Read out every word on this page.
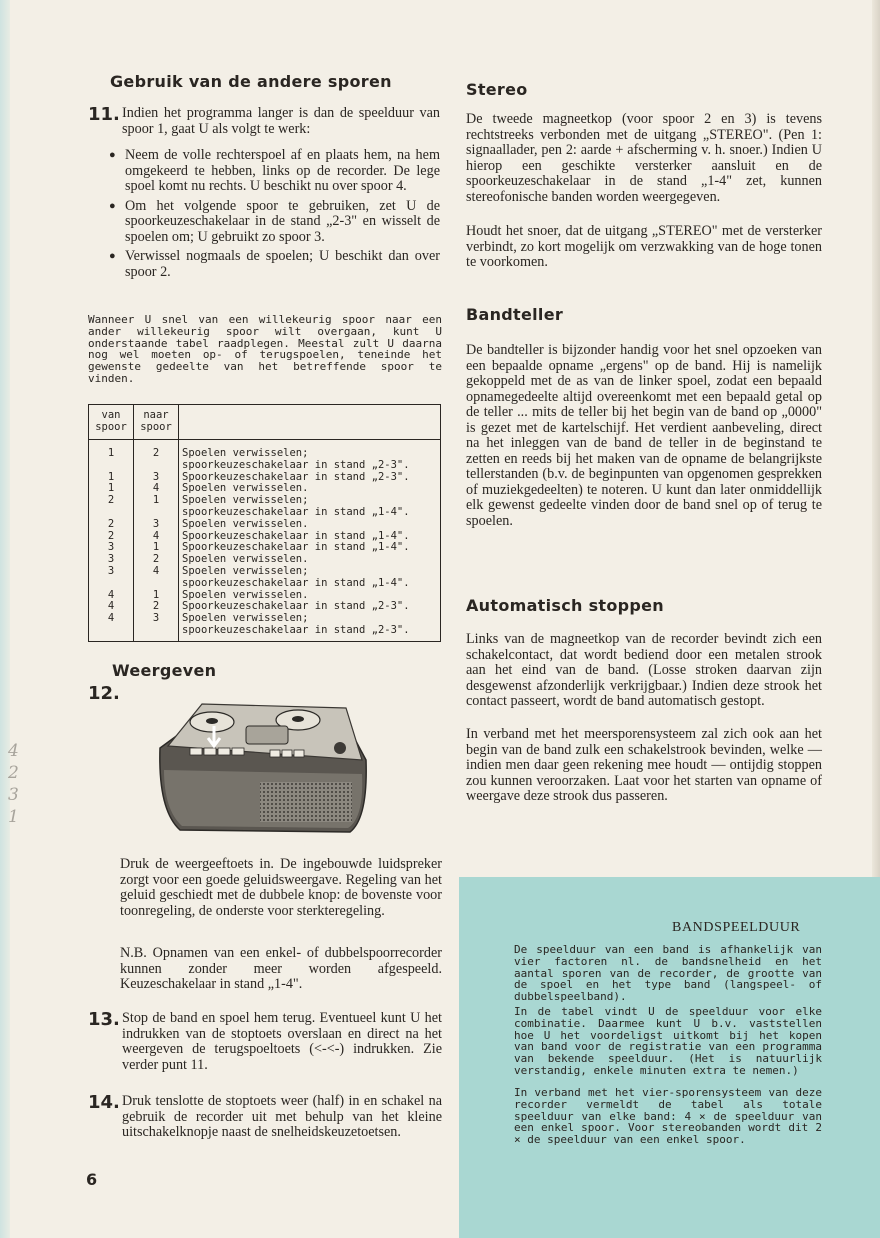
Gebruik van de andere sporen
11. Indien het programma langer is dan de speelduur van spoor 1, gaat U als volgt te werk:
● Neem de volle rechterspoel af en plaats hem, na hem omgekeerd te hebben, links op de recorder. De lege spoel komt nu rechts. U beschikt nu over spoor 4.
● Om het volgende spoor te gebruiken, zet U de spoorkeuzeschakelaar in de stand „2-3" en wisselt de spoelen om; U gebruikt zo spoor 3.
● Verwissel nogmaals de spoelen; U beschikt dan over spoor 2.
Wanneer U snel van een willekeurig spoor naar een ander willekeurig spoor wilt overgaan, kunt U onderstaande tabel raadplegen. Meestal zult U daarna nog wel moeten op- of terugspoelen, teneinde het gewenste gedeelte van het betreffende spoor te vinden.
van
spoor	naar
spoor	
1	2	Spoelen verwisselen;
spoorkeuzeschakelaar in stand „2-3".

1	3	Spoorkeuzeschakelaar in stand „2-3".

1	4	Spoelen verwisselen.

2	1	Spoelen verwisselen;
spoorkeuzeschakelaar in stand „1-4".

2	3	Spoelen verwisselen.

2	4	Spoorkeuzeschakelaar in stand „1-4".

3	1	Spoorkeuzeschakelaar in stand „1-4".

3	2	Spoelen verwisselen.

3	4	Spoelen verwisselen;
spoorkeuzeschakelaar in stand „1-4".

4	1	Spoelen verwisselen.

4	2	Spoorkeuzeschakelaar in stand „2-3".

4	3	Spoelen verwisselen;
spoorkeuzeschakelaar in stand „2-3".
Weergeven
12.
4
2
3
1
Druk de weergeeftoets in. De ingebouwde luidspreker zorgt voor een goede geluidsweergave. Regeling van het geluid geschiedt met de dubbele knop: de bovenste voor toonregeling, de onderste voor sterkteregeling.
N.B. Opnamen van een enkel- of dubbelspoorrecorder kunnen zonder meer worden afgespeeld. Keuzeschakelaar in stand „1-4".
13. Stop de band en spoel hem terug. Eventueel kunt U het indrukken van de stoptoets overslaan en direct na het weergeven de terugspoeltoets (<-<-) indrukken. Zie verder punt 11.
14. Druk tenslotte de stoptoets weer (half) in en schakel na gebruik de recorder uit met behulp van het kleine uitschakelknopje naast de snelheidskeuzetoetsen.
6
Stereo
De tweede magneetkop (voor spoor 2 en 3) is tevens rechtstreeks verbonden met de uitgang „STEREO". (Pen 1: signaallader, pen 2: aarde + afscherming v. h. snoer.) Indien U hierop een geschikte versterker aansluit en de spoorkeuzeschakelaar in de stand „1-4" zet, kunnen stereofonische banden worden weergegeven.
Houdt het snoer, dat de uitgang „STEREO" met de versterker verbindt, zo kort mogelijk om verzwakking van de hoge tonen te voorkomen.
Bandteller
De bandteller is bijzonder handig voor het snel opzoeken van een bepaalde opname „ergens" op de band. Hij is namelijk gekoppeld met de as van de linker spoel, zodat een bepaald opnamegedeelte altijd overeenkomt met een bepaald getal op de teller ... mits de teller bij het begin van de band op „0000" is gezet met de kartelschijf. Het verdient aanbeveling, direct na het inleggen van de band de teller in de beginstand te zetten en reeds bij het maken van de opname de belangrijkste tellerstanden (b.v. de beginpunten van opgenomen gesprekken of muziekgedeelten) te noteren. U kunt dan later onmiddellijk elk gewenst gedeelte vinden door de band snel op of terug te spoelen.
Automatisch stoppen
Links van de magneetkop van de recorder bevindt zich een schakelcontact, dat wordt bediend door een metalen strook aan het eind van de band. (Losse stroken daarvan zijn desgewenst afzonderlijk verkrijgbaar.) Indien deze strook het contact passeert, wordt de band automatisch gestopt.
In verband met het meersporensysteem zal zich ook aan het begin van de band zulk een schakelstrook bevinden, welke — indien men daar geen rekening mee houdt — ontijdig stoppen zou kunnen veroorzaken. Laat voor het starten van opname of weergave deze strook dus passeren.
BANDSPEELDUUR
De speelduur van een band is afhankelijk van vier factoren nl. de bandsnelheid en het aantal sporen van de recorder, de grootte van de spoel en het type band (langspeel- of dubbelspeelband).
In de tabel vindt U de speelduur voor elke combinatie. Daarmee kunt U b.v. vaststellen hoe U het voordeligst uitkomt bij het kopen van band voor de registratie van een programma van bekende speelduur. (Het is natuurlijk verstandig, enkele minuten extra te nemen.)
In verband met het vier-sporensysteem van deze recorder vermeldt de tabel als totale speelduur van elke band: 4 × de speelduur van een enkel spoor. Voor stereobanden wordt dit 2 × de speelduur van een enkel spoor.
